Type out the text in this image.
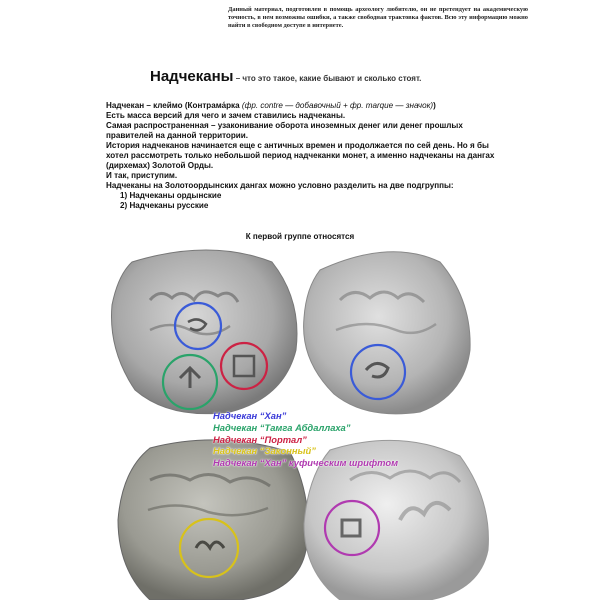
Данный материал, подготовлен в помощь археологу любителю, он не претендует на академическую точность, в нем возможны ошибки, а также свободная трактовка фактов. Всю эту информацию можно найти в свободном доступе в интернете.
Надчеканы – что это такое, какие бывают и сколько стоят.

Надчекан – клеймо (Контрама́рка (фр. contre — добавочный + фр. marque — значок))

Есть масса версий для чего и зачем ставились надчеканы.

Самая распространенная – узаконивание оборота иноземных денег или денег прошлых правителей на данной территории.

История надчеканов начинается еще с античных времен и продолжается по сей день. Но я бы хотел рассмотреть только небольшой период надчеканки монет, а именно надчеканы на дангах (дирхемах) Золотой Орды.

И так, приступим.

Надчеканы на Золотоордынских дангах можно условно разделить на две подгруппы:

1) Надчеканы ордынские
2) Надчеканы русские
К первой группе относятся
Надчекан “Хан”
Надчекан “Тамга Абдаллаха”
Надчекан “Портал”
Надчекан “Законный”
Надчекан “Хан” куфическим шрифтом
